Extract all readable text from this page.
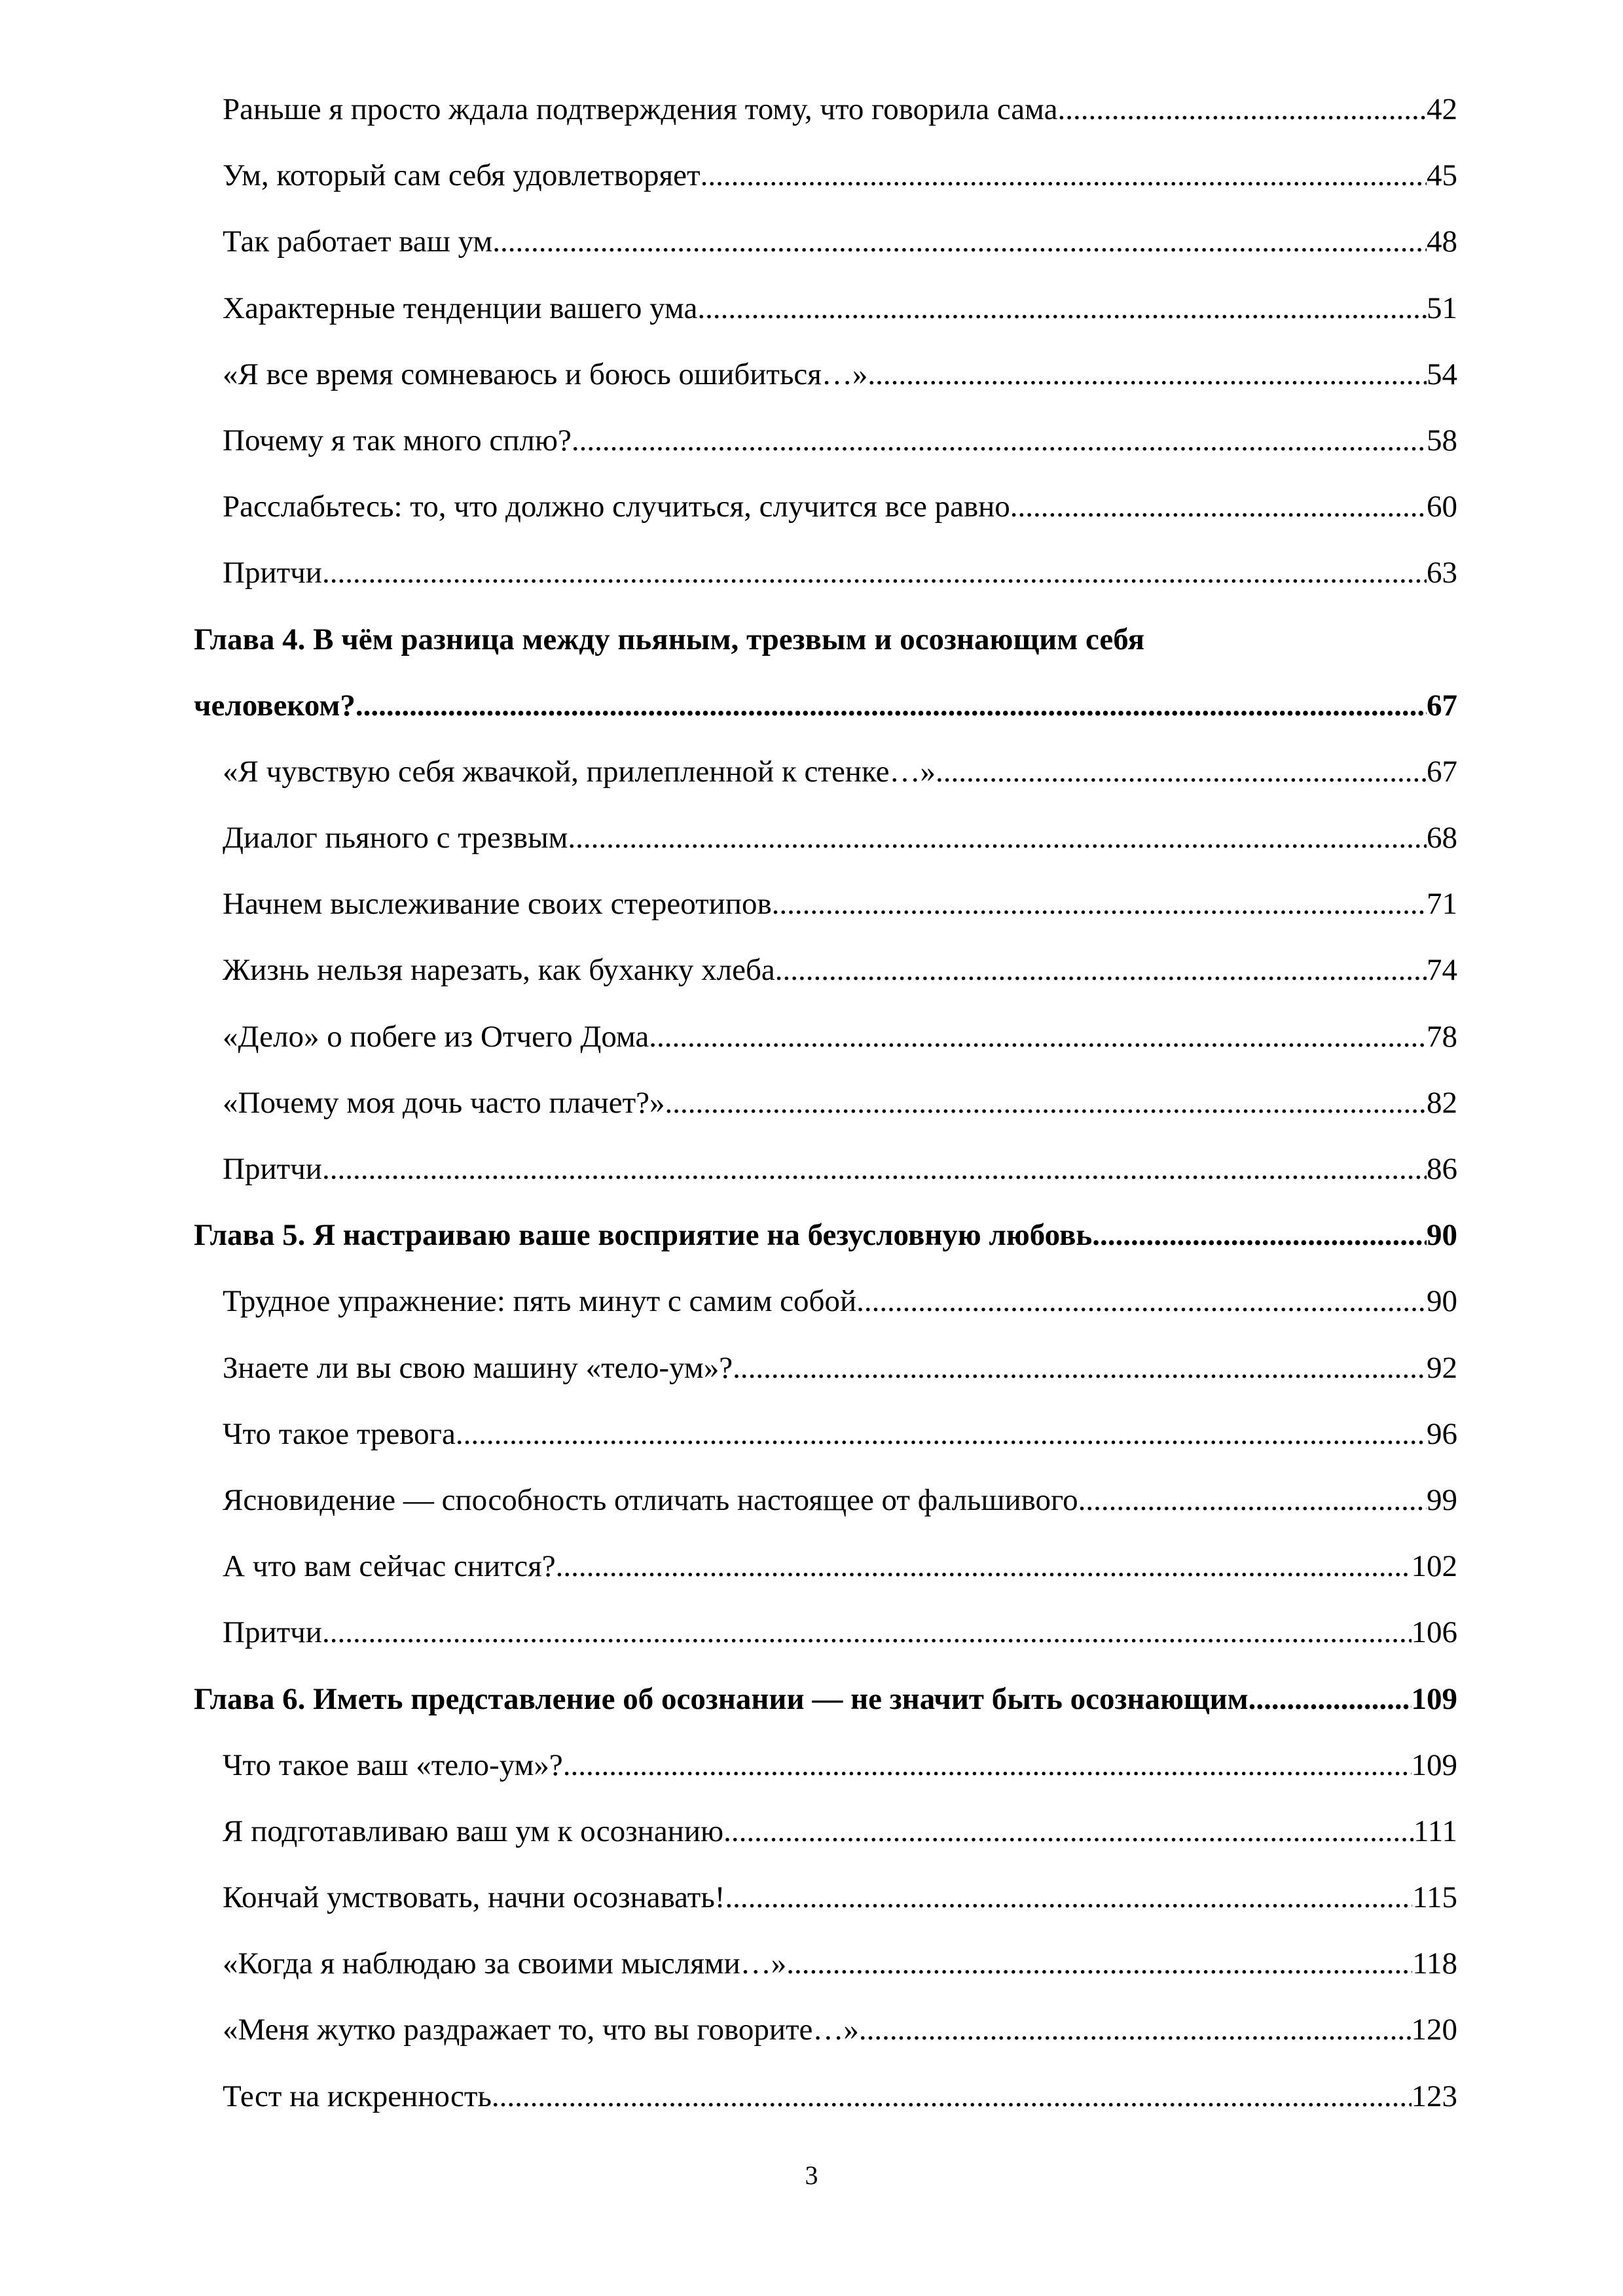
Раньше я просто ждала подтверждения тому, что говорила сама .....	42
Ум, который сам себя удовлетворяет .....	45
Так работает ваш ум .....	48
Характерные тенденции вашего ума .....	51
«Я все время сомневаюсь и боюсь ошибиться…» .....	54
Почему я так много сплю? .....	58
Расслабьтесь: то, что должно случиться, случится все равно .....	60
Притчи .....	63
Глава 4. В чём разница между пьяным, трезвым и осознающим себя
человеком? .....	67
«Я чувствую себя жвачкой, прилепленной к стенке…» .....	67
Диалог пьяного с трезвым .....	68
Начнем выслеживание своих стереотипов .....	71
Жизнь нельзя нарезать, как буханку хлеба .....	74
«Дело» о побеге из Отчего Дома .....	78
«Почему моя дочь часто плачет?» .....	82
Притчи .....	86
Глава 5. Я настраиваю ваше восприятие на безусловную любовь .....	90
Трудное упражнение: пять минут с самим собой .....	90
Знаете ли вы свою машину «тело-ум»? .....	92
Что такое тревога .....	96
Ясновидение — способность отличать настоящее от фальшивого .....	99
А что вам сейчас снится? .....	102
Притчи .....	106
Глава 6. Иметь представление об осознании — не значит быть осознающим .....	109
Что такое ваш «тело-ум»? .....	109
Я подготавливаю ваш ум к осознанию .....	111
Кончай умствовать, начни осознавать! .....	115
«Когда я наблюдаю за своими мыслями…» .....	118
«Меня жутко раздражает то, что вы говорите…» .....	120
Тест на искренность .....	123
3
